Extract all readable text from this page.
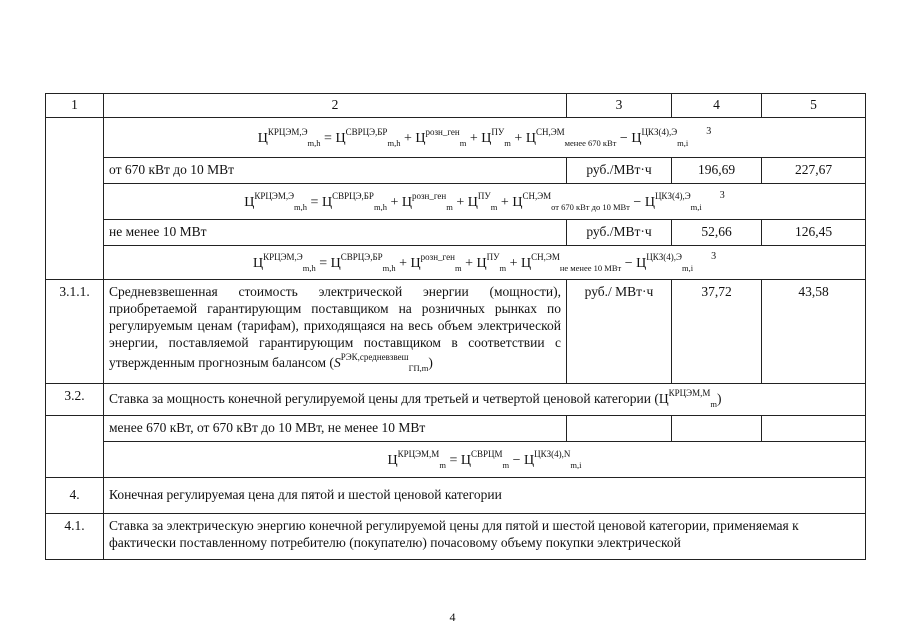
1	2	3	4	5
	$Ц^{КРЦЭМ,Э}_{m,h} = Ц^{СВРЦЭ,БР}_{m,h} + Ц^{розн\_ген}_m + Ц^{ПУ}_m + Ц^{СН,ЭМ}_{менее 670 кВт} - Ц^{ЦКЗ(4),Э}_{m,i}^3$
	от 670 кВт до 10 МВт	руб./МВт·ч	196,69	227,67
	$Ц^{КРЦЭМ,Э}_{m,h} = Ц^{СВРЦЭ,БР}_{m,h} + Ц^{розн\_ген}_m + Ц^{ПУ}_m + Ц^{СН,ЭМ}_{от 670 кВт до 10 МВт} - Ц^{ЦКЗ(4),Э}_{m,i}^3$
	не менее 10 МВт	руб./МВт·ч	52,66	126,45
	$Ц^{КРЦЭМ,Э}_{m,h} = Ц^{СВРЦЭ,БР}_{m,h} + Ц^{розн\_ген}_m + Ц^{ПУ}_m + Ц^{СН,ЭМ}_{не менее 10 МВт} - Ц^{ЦКЗ(4),Э}_{m,i}^3$
3.1.1.	Средневзвешенная стоимость электрической энергии (мощности), приобретаемой гарантирующим поставщиком на розничных рынках по регулируемым ценам (тарифам), приходящаяся на весь объем электрической энергии, поставляемой гарантирующим поставщиком в соответствии с утвержденным прогнозным балансом $(S^{РЭК,средневзвеш}_{ГП,m})$	руб./ МВт·ч	37,72	43,58
3.2.	Ставка за мощность конечной регулируемой цены для третьей и четвертой ценовой категории $(Ц^{КРЦЭМ,М}_m)$			
	менее 670 кВт, от 670 кВт до 10 МВт, не менее 10 МВт			
	$Ц^{КРЦЭМ,М}_m = Ц^{СВРЦМ}_m - Ц^{ЦКЗ(4),N}_{m,i}$
4.	Конечная регулируемая цена для пятой и шестой ценовой категории			
4.1.	Ставка за электрическую энергию конечной регулируемой цены для пятой и шестой ценовой категории, применяемая к фактически поставленному потребителю (покупателю) почасовому объему покупки электрической			
4
